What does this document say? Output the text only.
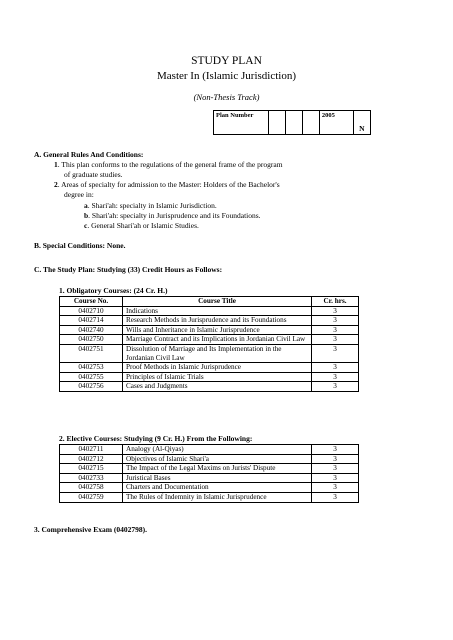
STUDY PLAN
Master In (Islamic Jurisdiction)
(Non-Thesis Track)
Plan Number				2005	N
A. General Rules And Conditions:
1. This plan conforms to the regulations of the general frame of the program
of graduate studies.
2. Areas of specialty for admission to the Master: Holders of the Bachelor's
degree in:
a. Shari'ah: specialty in Islamic Jurisdiction.
b. Shari'ah: specialty in Jurisprudence and its Foundations.
c. General Shari'ah or Islamic Studies.
B. Special Conditions: None.
C. The Study Plan: Studying (33) Credit Hours as Follows:
1. Obligatory Courses: (24 Cr. H.)
Course No.	Course Title	Cr. hrs.
0402710	Indications	3
0402714	Research Methods in Jurisprudence and its Foundations	3
0402740	Wills and Inheritance in Islamic Jurisprudence	3
0402750	Marriage Contract and its Implications in Jordanian Civil Law	3
0402751	Dissolution of Marriage and Its Implementation in the Jordanian Civil Law	3
0402753	Proof Methods in Islamic Jurisprudence	3
0402755	Principles of Islamic Trials	3
0402756	Cases and Judgments	3
2. Elective Courses: Studying (9 Cr. H.) From the Following:
0402711	Analogy (Al-Qiyas)	3
0402712	Objectives of Islamic Shari'a	3
0402715	The Impact of the Legal Maxims on Jurists' Dispute	3
0402733	Juristical Bases	3
0402758	Charters and Documentation	3
0402759	The Rules of Indemnity in Islamic Jurisprudence	3
3. Comprehensive Exam (0402798).
